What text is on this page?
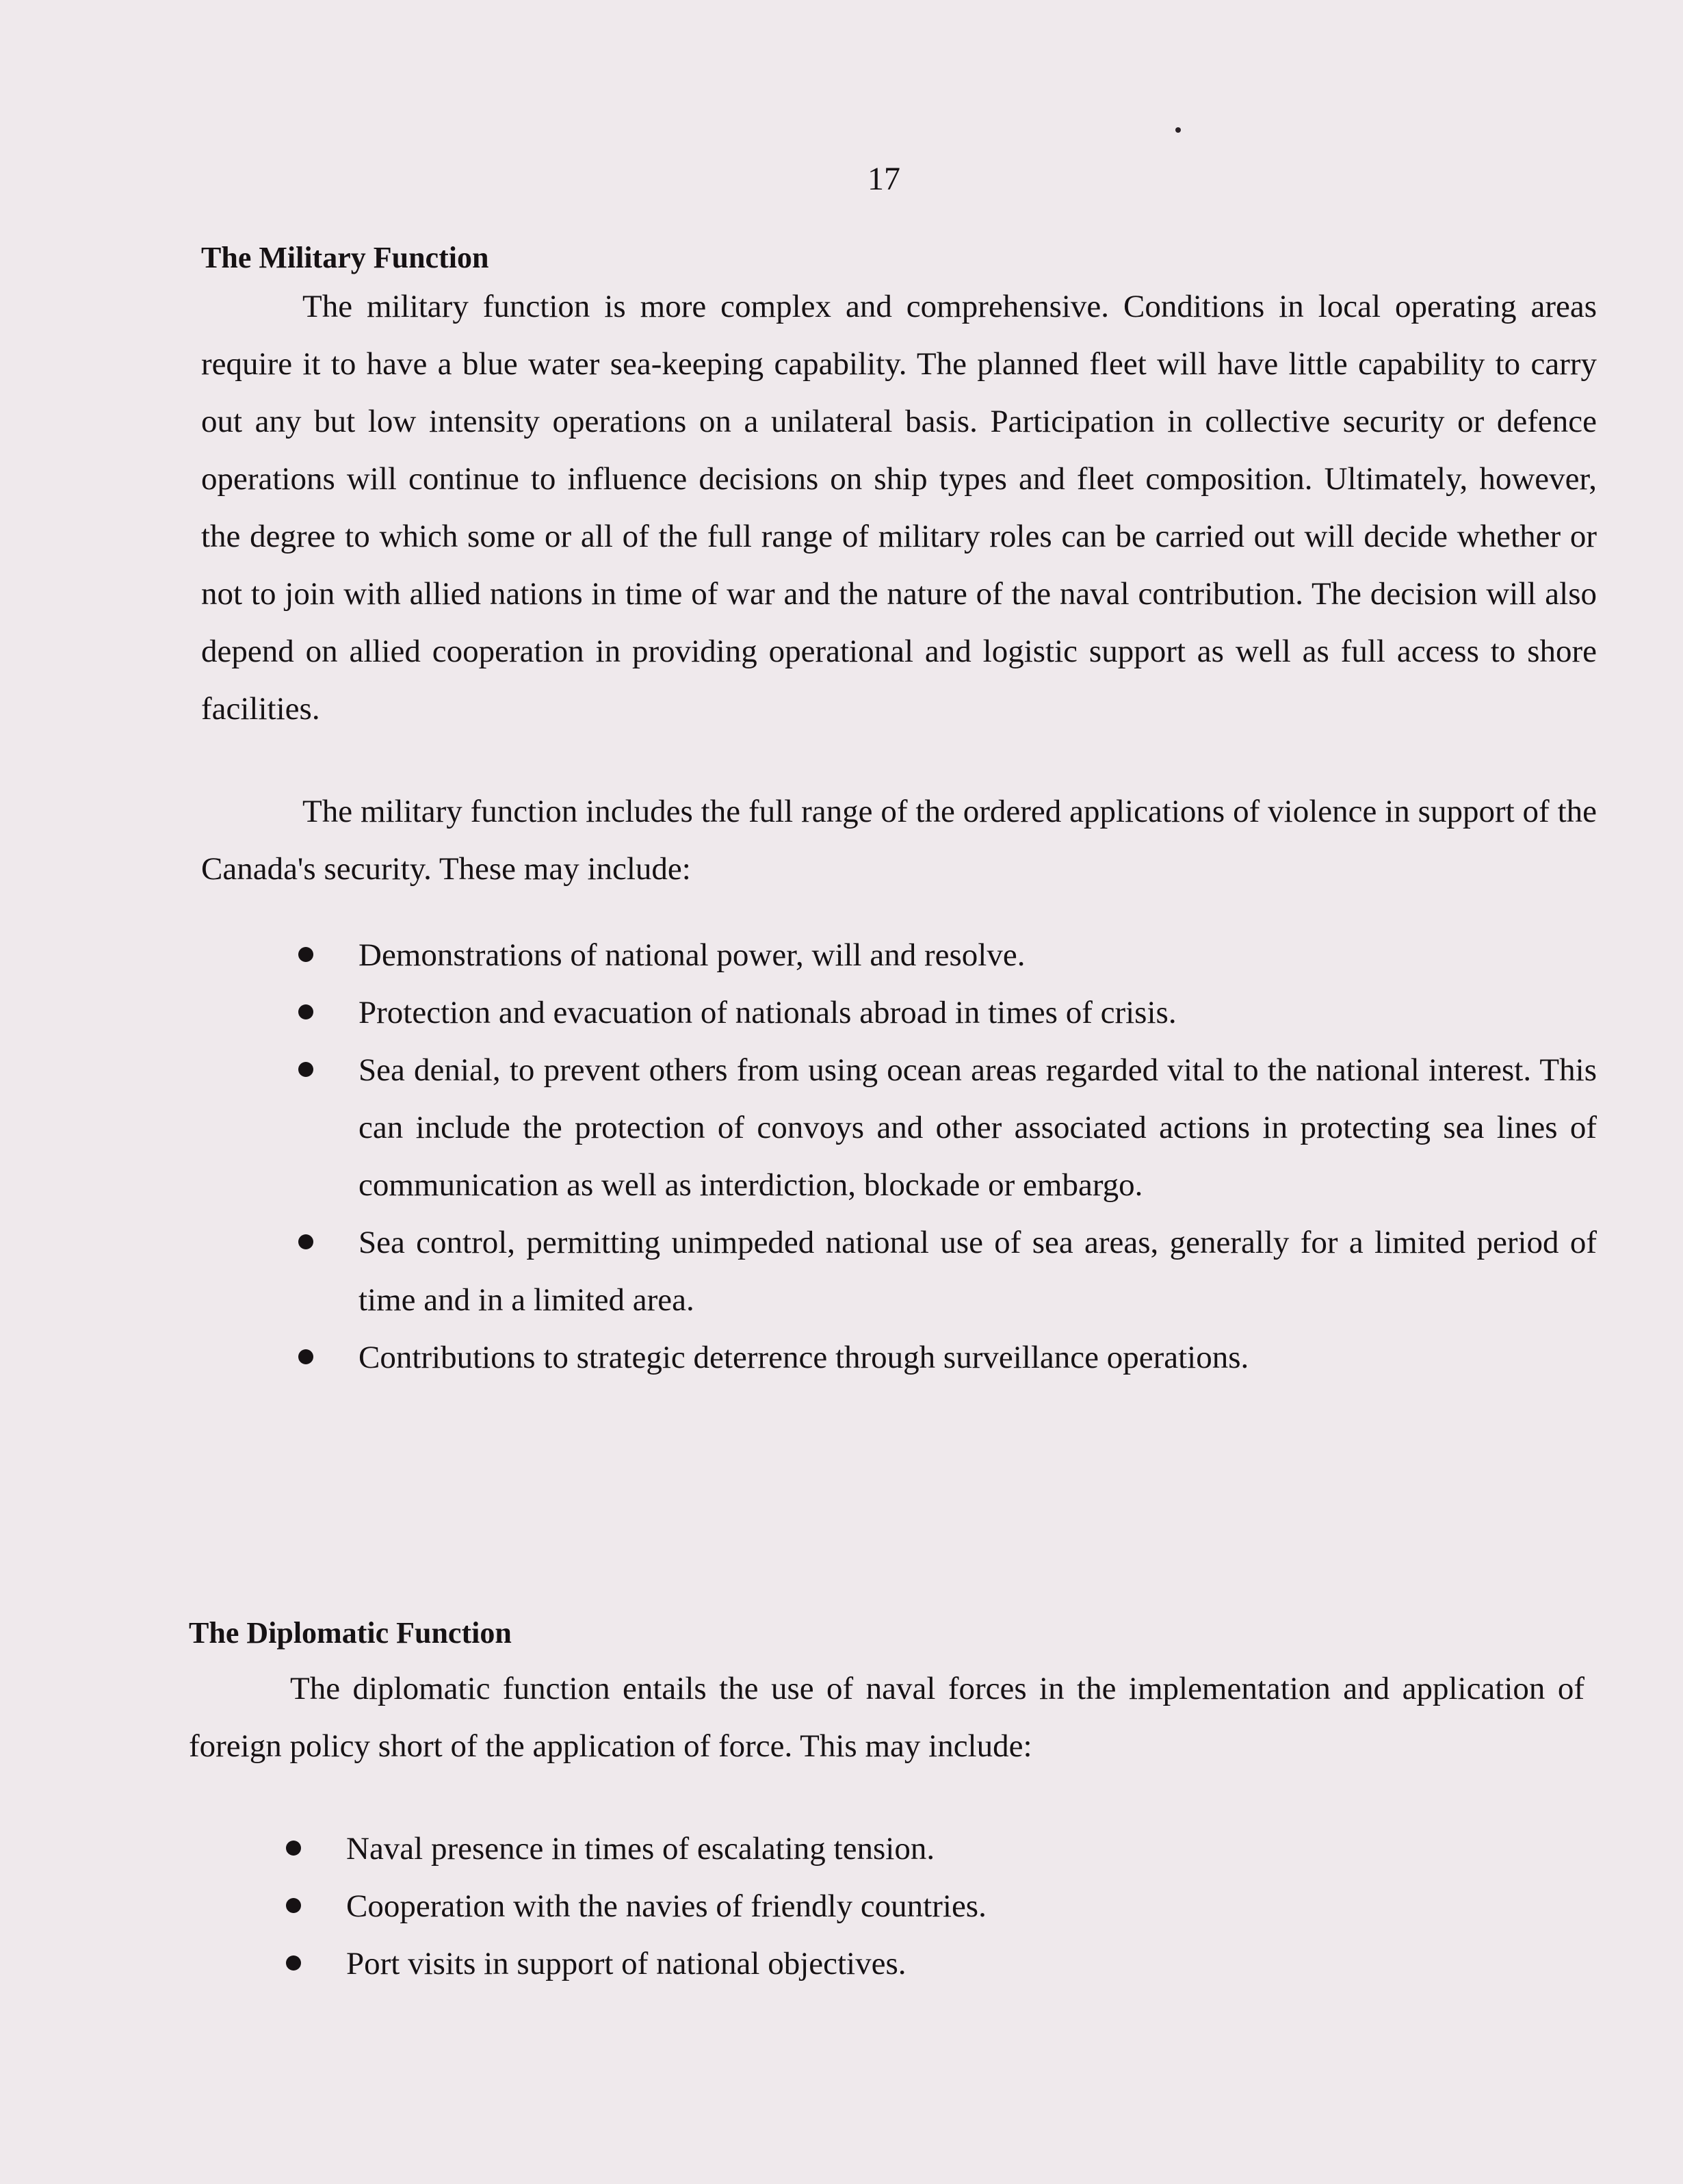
17
The Military Function

The military function is more complex and comprehensive. Conditions in local operating areas require it to have a blue water sea-keeping capability. The planned fleet will have little capability to carry out any but low intensity operations on a unilateral basis. Participation in collective security or defence operations will continue to influence decisions on ship types and fleet composition. Ultimately, however, the degree to which some or all of the full range of military roles can be carried out will decide whether or not to join with allied nations in time of war and the nature of the naval contribution. The decision will also depend on allied cooperation in providing operational and logistic support as well as full access to shore facilities.

The military function includes the full range of the ordered applications of violence in support of the Canada's security. These may include:

Demonstrations of national power, will and resolve.
Protection and evacuation of nationals abroad in times of crisis.
Sea denial, to prevent others from using ocean areas regarded vital to the national interest. This can include the protection of convoys and other associated actions in protecting sea lines of communication as well as interdiction, blockade or embargo.
Sea control, permitting unimpeded national use of sea areas, generally for a limited period of time and in a limited area.
Contributions to strategic deterrence through surveillance operations.
The Diplomatic Function

The diplomatic function entails the use of naval forces in the implementation and application of foreign policy short of the application of force. This may include:

Naval presence in times of escalating tension.
Cooperation with the navies of friendly countries.
Port visits in support of national objectives.
